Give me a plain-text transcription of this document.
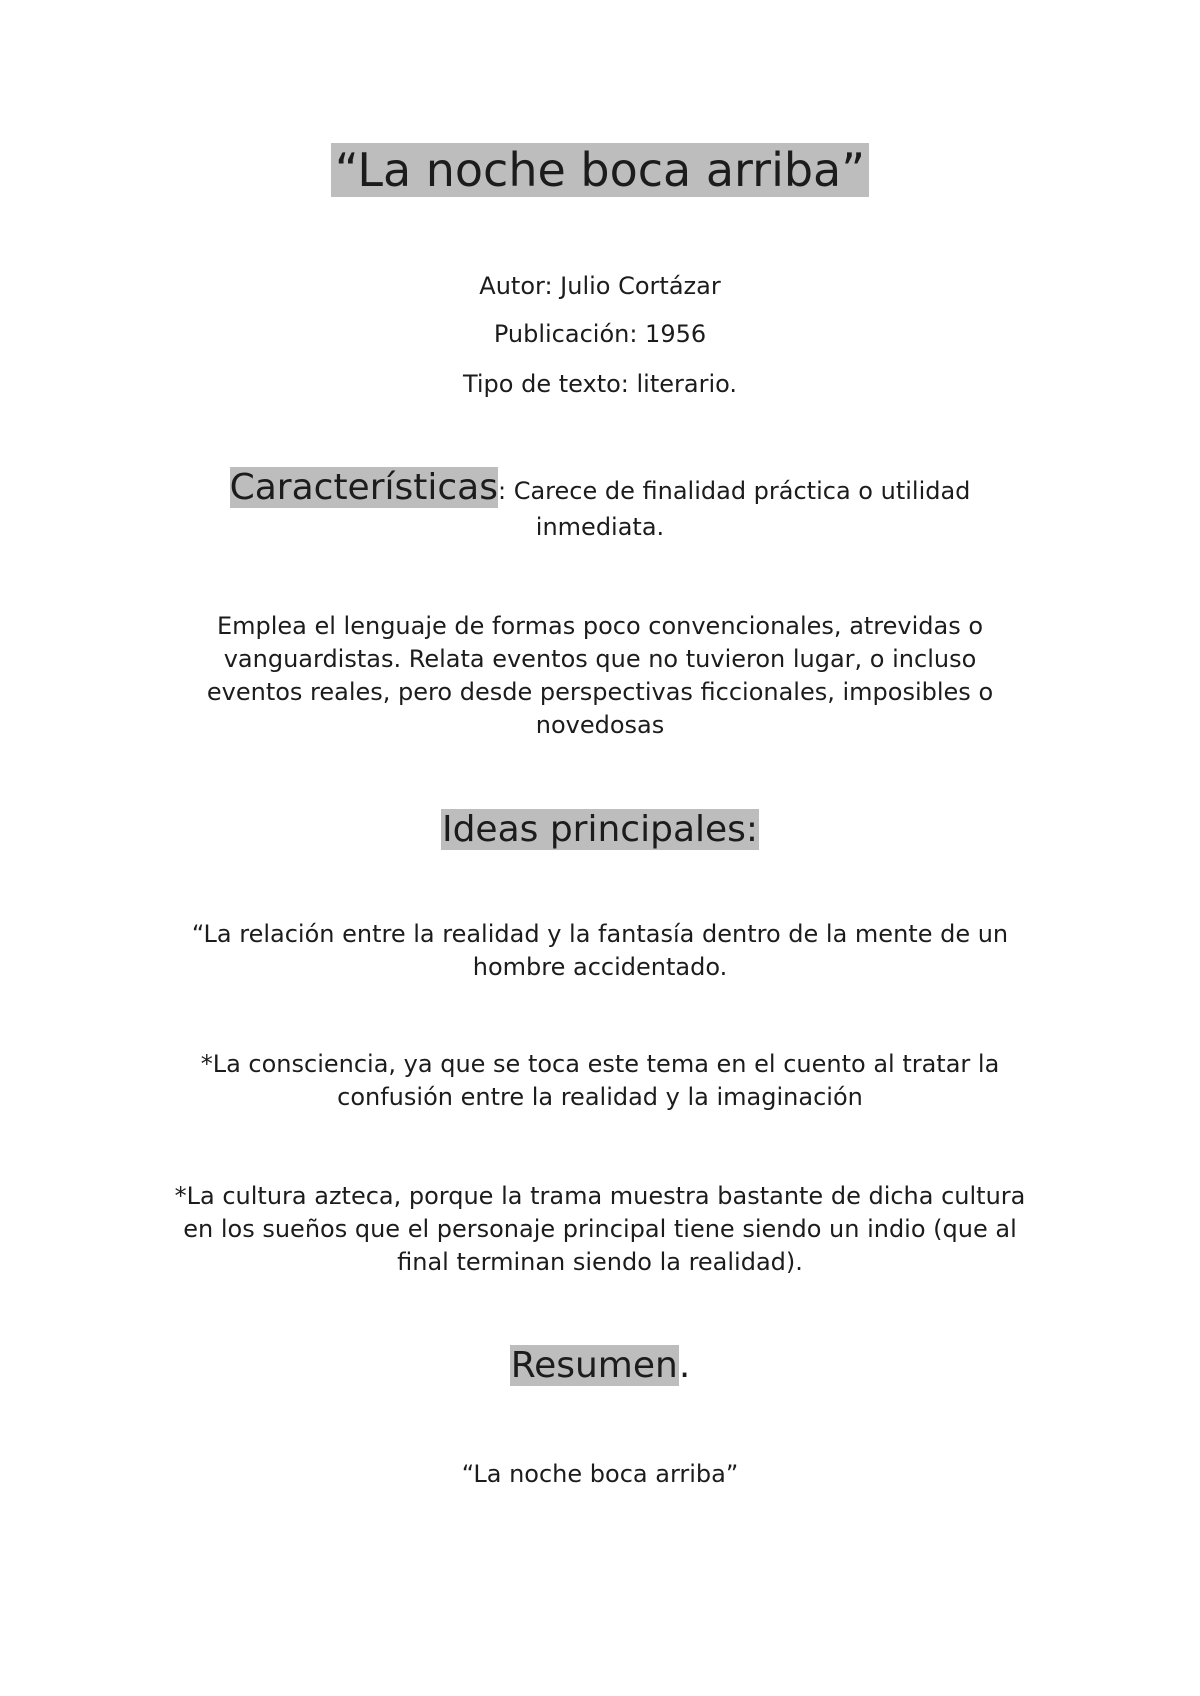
“La noche boca arriba”
Autor: Julio Cortázar
Publicación: 1956
Tipo de texto: literario.
Características: Carece de finalidad práctica o utilidad inmediata.
Emplea el lenguaje de formas poco convencionales, atrevidas o vanguardistas. Relata eventos que no tuvieron lugar, o incluso eventos reales, pero desde perspectivas ficcionales, imposibles o novedosas
Ideas principales:
“La relación entre la realidad y la fantasía dentro de la mente de un hombre accidentado.
*La consciencia, ya que se toca este tema en el cuento al tratar la confusión entre la realidad y la imaginación
*La cultura azteca, porque la trama muestra bastante de dicha cultura en los sueños que el personaje principal tiene siendo un indio (que al final terminan siendo la realidad).
Resumen.
“La noche boca arriba”
